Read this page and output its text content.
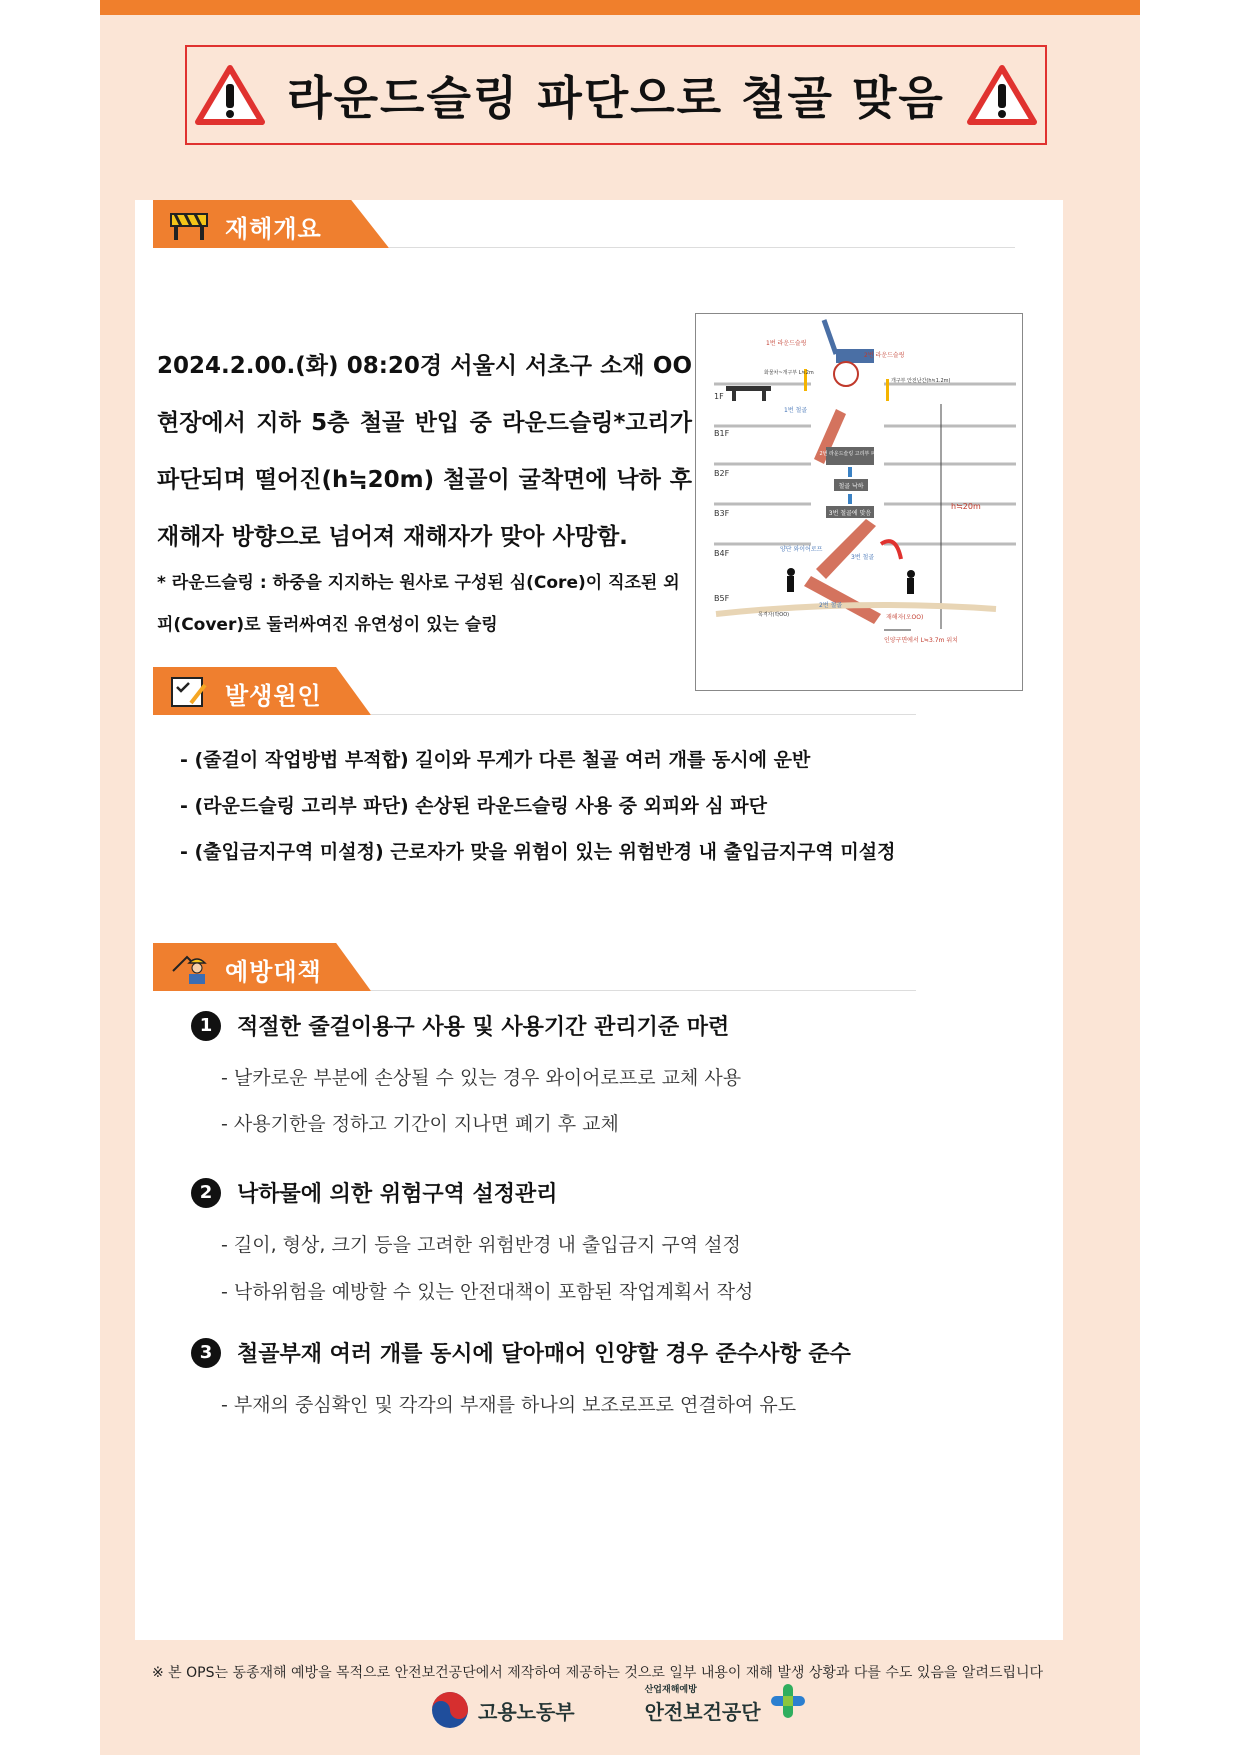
라운드슬링 파단으로 철골 맞음
재해개요
2024.2.00.(화) 08:20경 서울시 서초구 소재 OO 현장에서 지하 5층 철골 반입 중 라운드슬링*고리가 파단되며 떨어진(h≒20m) 철골이 굴착면에 낙하 후 재해자 방향으로 넘어져 재해자가 맞아 사망함.
* 라운드슬링 : 하중을 지지하는 원사로 구성된 심(Core)이 직조된 외피(Cover)로 둘러싸여진 유연성이 있는 슬링
1F
B1F
B2F
B3F
B4F
B5F
2번 라운드슬링 고리부 파단
철골 낙하
3번 철골에 맞음
h≒20m
1번 라운드슬링
2번 라운드슬링
1번 철골
양단 와이어로프
3번 철골
2번 철골
재해자(오OO)
인양구면에서 L≒3.7m 위치
화물차~개구부 L≒2m
개구부 안전난간(h≒1.2m)
목격자(박OO)
발생원인
- (줄걸이 작업방법 부적합) 길이와 무게가 다른 철골 여러 개를 동시에 운반
- (라운드슬링 고리부 파단) 손상된 라운드슬링 사용 중 외피와 심 파단
- (출입금지구역 미설정) 근로자가 맞을 위험이 있는 위험반경 내 출입금지구역 미설정
예방대책
1	적절한 줄걸이용구 사용 및 사용기간 관리기준 마련
- 날카로운 부분에 손상될 수 있는 경우 와이어로프로 교체 사용
- 사용기한을 정하고 기간이 지나면 폐기 후 교체
2	낙하물에 의한 위험구역 설정관리
- 길이, 형상, 크기 등을 고려한 위험반경 내 출입금지 구역 설정
- 낙하위험을 예방할 수 있는 안전대책이 포함된 작업계획서 작성
3	철골부재 여러 개를 동시에 달아매어 인양할 경우 준수사항 준수
- 부재의 중심확인 및 각각의 부재를 하나의 보조로프로 연결하여 유도
※ 본 OPS는 동종재해 예방을 목적으로 안전보건공단에서 제작하여 제공하는 것으로 일부 내용이 재해 발생 상황과 다를 수도 있음을 알려드립니다
고용노동부
산업재해예방
안전보건공단
